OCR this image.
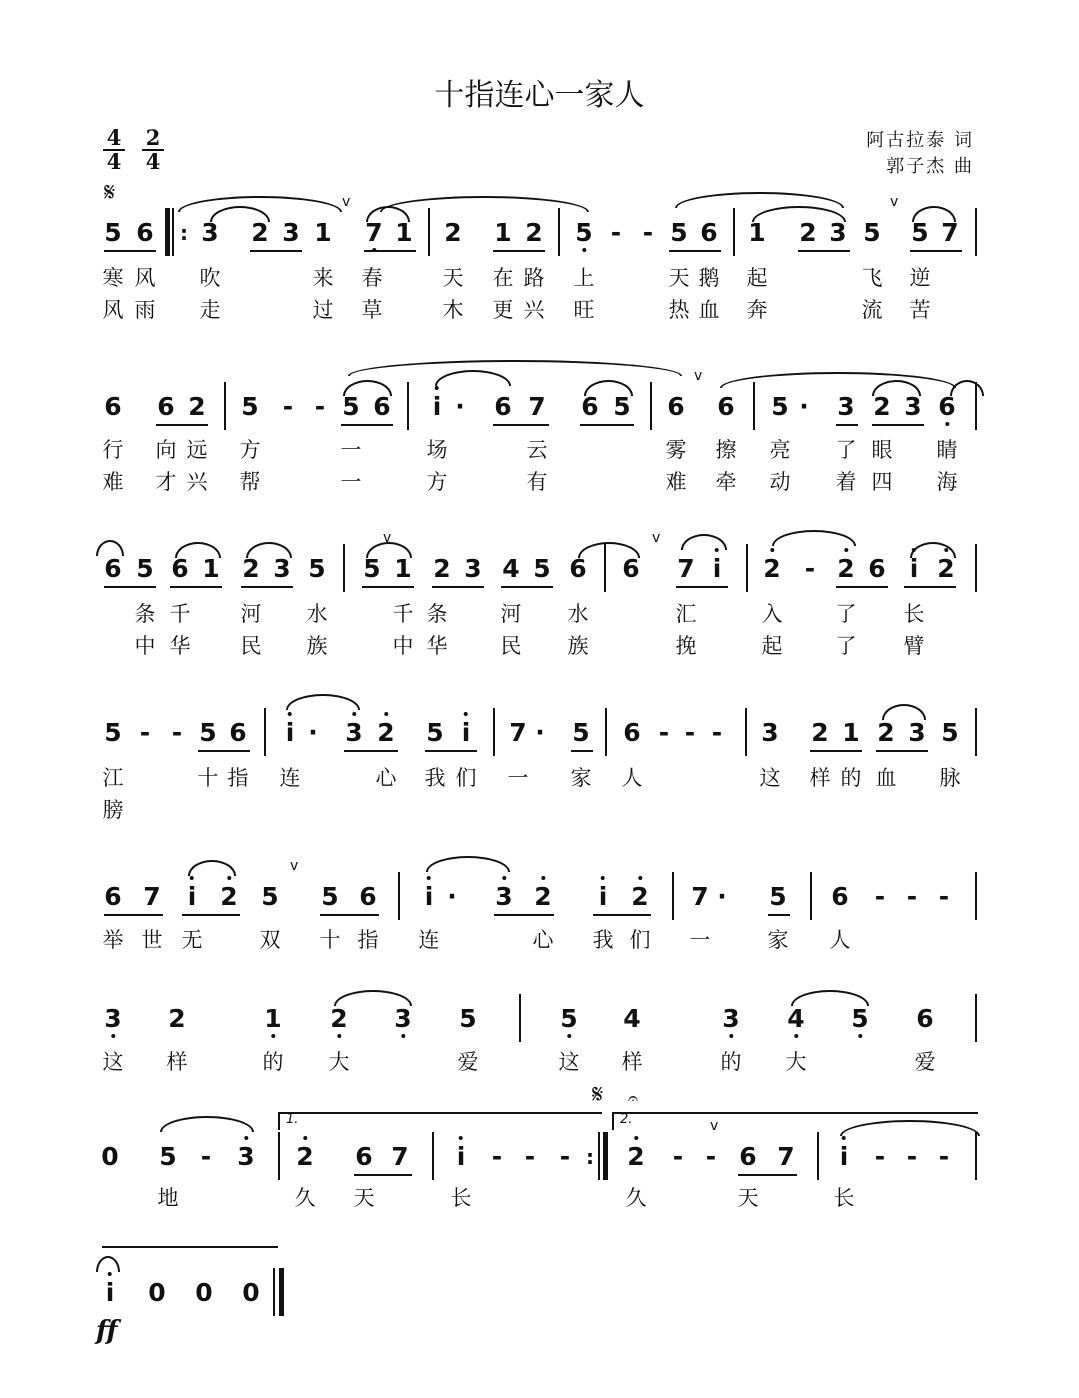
十指连心一家人
阿古拉泰 词
郭子杰 曲
4
4
2
4
𝄋
5 6 : 3 2 3 1 7 1 2 1 2 5 - - 5 6 1 2 3 5 5 7
v	v
寒 风 吹	来 春	天 在 路 上	天 鹅 起	飞 逆
风 雨 走	过 草	木 更 兴 旺	热 血 奔	流 苦
6 6 2 5 - - 5 6 i · 6 7 6 5 6 6 5 · 3 2 3 6
v
行 向 远 方	一	场	云	雾 擦 亮 了 眼 睛
难 才 兴 帮	一	方	有	难 牵 动 着 四 海
6 5 6 1 2 3 5 5 1 2 3 4 5 6 6 7 i 2 - 2 6 i 2
v	v
千
条	河 水	千 条	河 水	汇	入	了 长
中 华 民 族	中 华	民 族	挽	起	了 臂
5 - - 5 6 i · 3 2 5 i 7 · 5 6 - - - 3 2 1 2 3 5
江	十 指 连	心 我 们 一 家 人	这 样 的 血 脉
膀
6 7 i 2 5 5 6 i · 3 2 i 2 7 · 5 6 - - -
v
举 世 无	双 十 指 连	心 我 们 一	家 人
3 2	1 2 3 5	5 4	3 4 5 6
这 样	的 大	爱	这 样	的 大	爱
𝄋 𝄐
1.	2.
0 5 - 3 2 6 7 i - - - : 2 - - 6 7 i - - -
v
地	久 天	长	久	天	长
i 0 0 0
ff
